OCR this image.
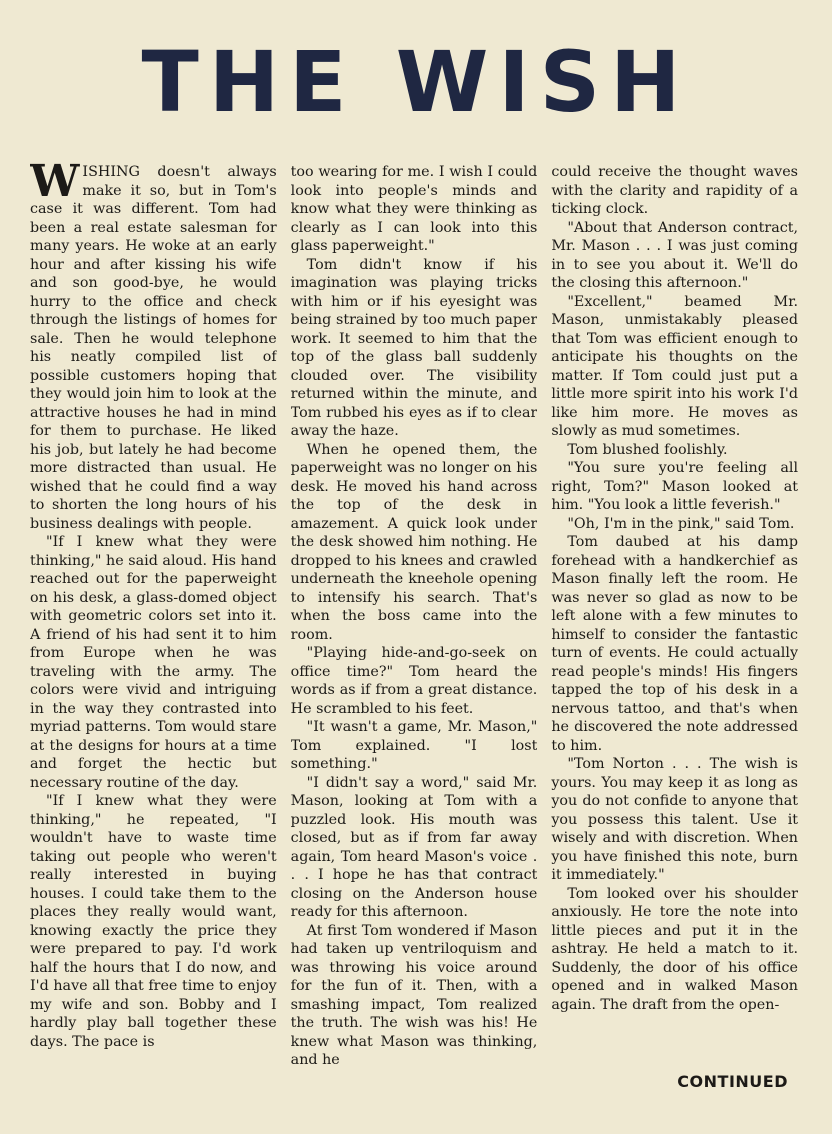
THE WISH

WISHING doesn't always make it so, but in Tom's case it was different. Tom had been a real estate salesman for many years. He woke at an early hour and after kissing his wife and son good-bye, he would hurry to the office and check through the listings of homes for sale. Then he would telephone his neatly compiled list of possible customers hoping that they would join him to look at the attractive houses he had in mind for them to purchase. He liked his job, but lately he had become more distracted than usual. He wished that he could find a way to shorten the long hours of his business dealings with people.

"If I knew what they were thinking," he said aloud. His hand reached out for the paperweight on his desk, a glass-domed object with geometric colors set into it. A friend of his had sent it to him from Europe when he was traveling with the army. The colors were vivid and intriguing in the way they contrasted into myriad patterns. Tom would stare at the designs for hours at a time and forget the hectic but necessary routine of the day.

"If I knew what they were thinking," he repeated, "I wouldn't have to waste time taking out people who weren't really interested in buying houses. I could take them to the places they really would want, knowing exactly the price they were prepared to pay. I'd work half the hours that I do now, and I'd have all that free time to enjoy my wife and son. Bobby and I hardly play ball together these days. The pace is

too wearing for me. I wish I could look into people's minds and know what they were thinking as clearly as I can look into this glass paperweight."

Tom didn't know if his imagination was playing tricks with him or if his eyesight was being strained by too much paper work. It seemed to him that the top of the glass ball suddenly clouded over. The visibility returned within the minute, and Tom rubbed his eyes as if to clear away the haze.

When he opened them, the paperweight was no longer on his desk. He moved his hand across the top of the desk in amazement. A quick look under the desk showed him nothing. He dropped to his knees and crawled underneath the kneehole opening to intensify his search. That's when the boss came into the room.

"Playing hide-and-go-seek on office time?" Tom heard the words as if from a great distance. He scrambled to his feet.

"It wasn't a game, Mr. Mason," Tom explained. "I lost something."

"I didn't say a word," said Mr. Mason, looking at Tom with a puzzled look. His mouth was closed, but as if from far away again, Tom heard Mason's voice . . . I hope he has that contract closing on the Anderson house ready for this afternoon.

At first Tom wondered if Mason had taken up ventriloquism and was throwing his voice around for the fun of it. Then, with a smashing impact, Tom realized the truth. The wish was his! He knew what Mason was thinking, and he

could receive the thought waves with the clarity and rapidity of a ticking clock.

"About that Anderson contract, Mr. Mason . . . I was just coming in to see you about it. We'll do the closing this afternoon."

"Excellent," beamed Mr. Mason, unmistakably pleased that Tom was efficient enough to anticipate his thoughts on the matter. If Tom could just put a little more spirit into his work I'd like him more. He moves as slowly as mud sometimes.

Tom blushed foolishly.

"You sure you're feeling all right, Tom?" Mason looked at him. "You look a little feverish."

"Oh, I'm in the pink," said Tom.

Tom daubed at his damp forehead with a handkerchief as Mason finally left the room. He was never so glad as now to be left alone with a few minutes to himself to consider the fantastic turn of events. He could actually read people's minds! His fingers tapped the top of his desk in a nervous tattoo, and that's when he discovered the note addressed to him.

"Tom Norton . . . The wish is yours. You may keep it as long as you do not confide to anyone that you possess this talent. Use it wisely and with discretion. When you have finished this note, burn it immediately."

Tom looked over his shoulder anxiously. He tore the note into little pieces and put it in the ashtray. He held a match to it. Suddenly, the door of his office opened and in walked Mason again. The draft from the open-

CONTINUED
